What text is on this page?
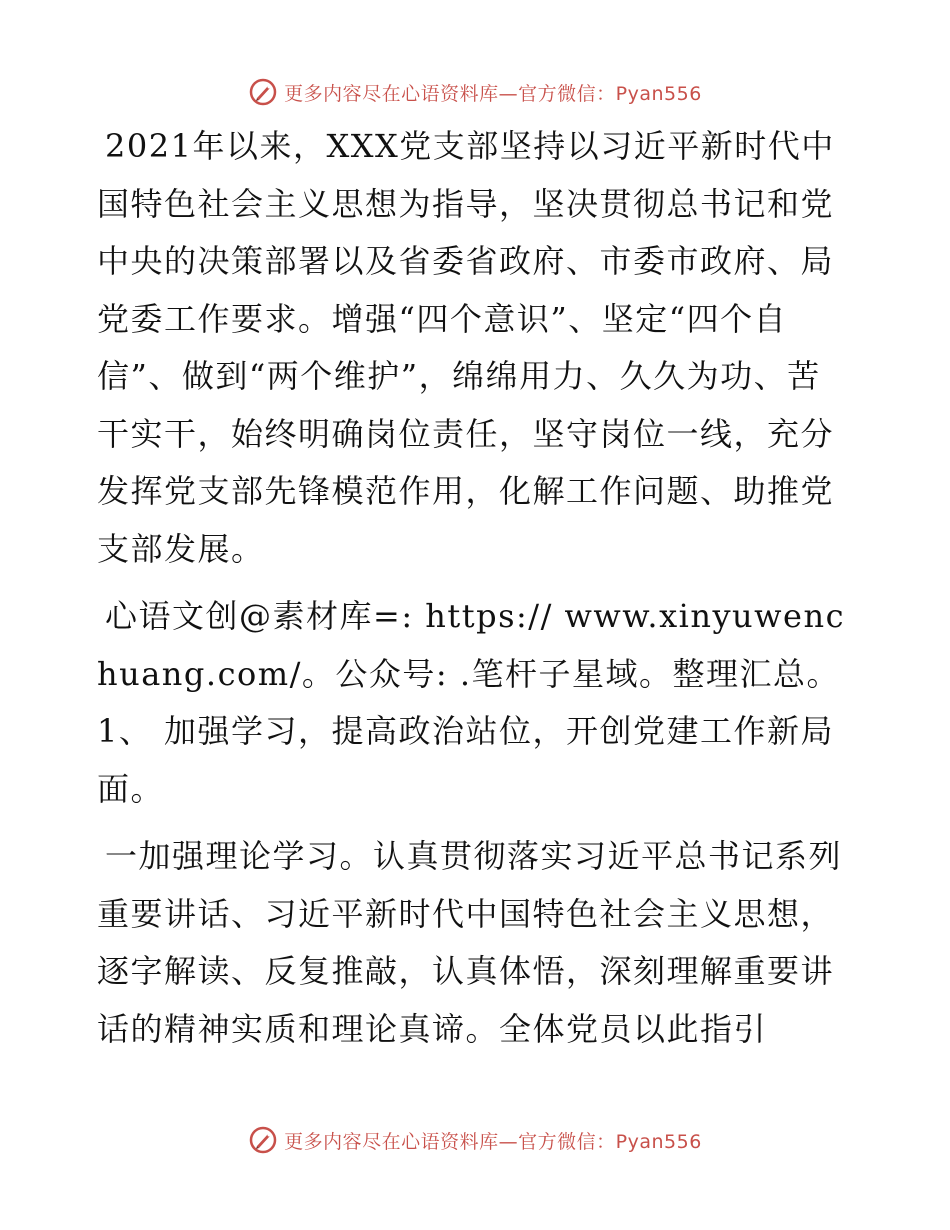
更多内容尽在心语资料库—官方微信：Pyan556

2021年以来，XXX党支部坚持以习近平新时代中国特色社会主义思想为指导，坚决贯彻总书记和党中央的决策部署以及省委省政府、市委市政府、局党委工作要求。增强“四个意识”、坚定“四个自信”、做到“两个维护”，绵绵用力、久久为功、苦干实干，始终明确岗位责任，坚守岗位一线，充分发挥党支部先锋模范作用，化解工作问题、助推党支部发展。

心语文创@素材库=: https:// www.xinyuwenchuang.com/。公众号: .笔杆子星域。整理汇总。1、 加强学习，提高政治站位，开创党建工作新局面。

一加强理论学习。认真贯彻落实习近平总书记系列重要讲话、习近平新时代中国特色社会主义思想，逐字解读、反复推敲，认真体悟，深刻理解重要讲话的精神实质和理论真谛。全体党员以此指引

更多内容尽在心语资料库—官方微信：Pyan556
